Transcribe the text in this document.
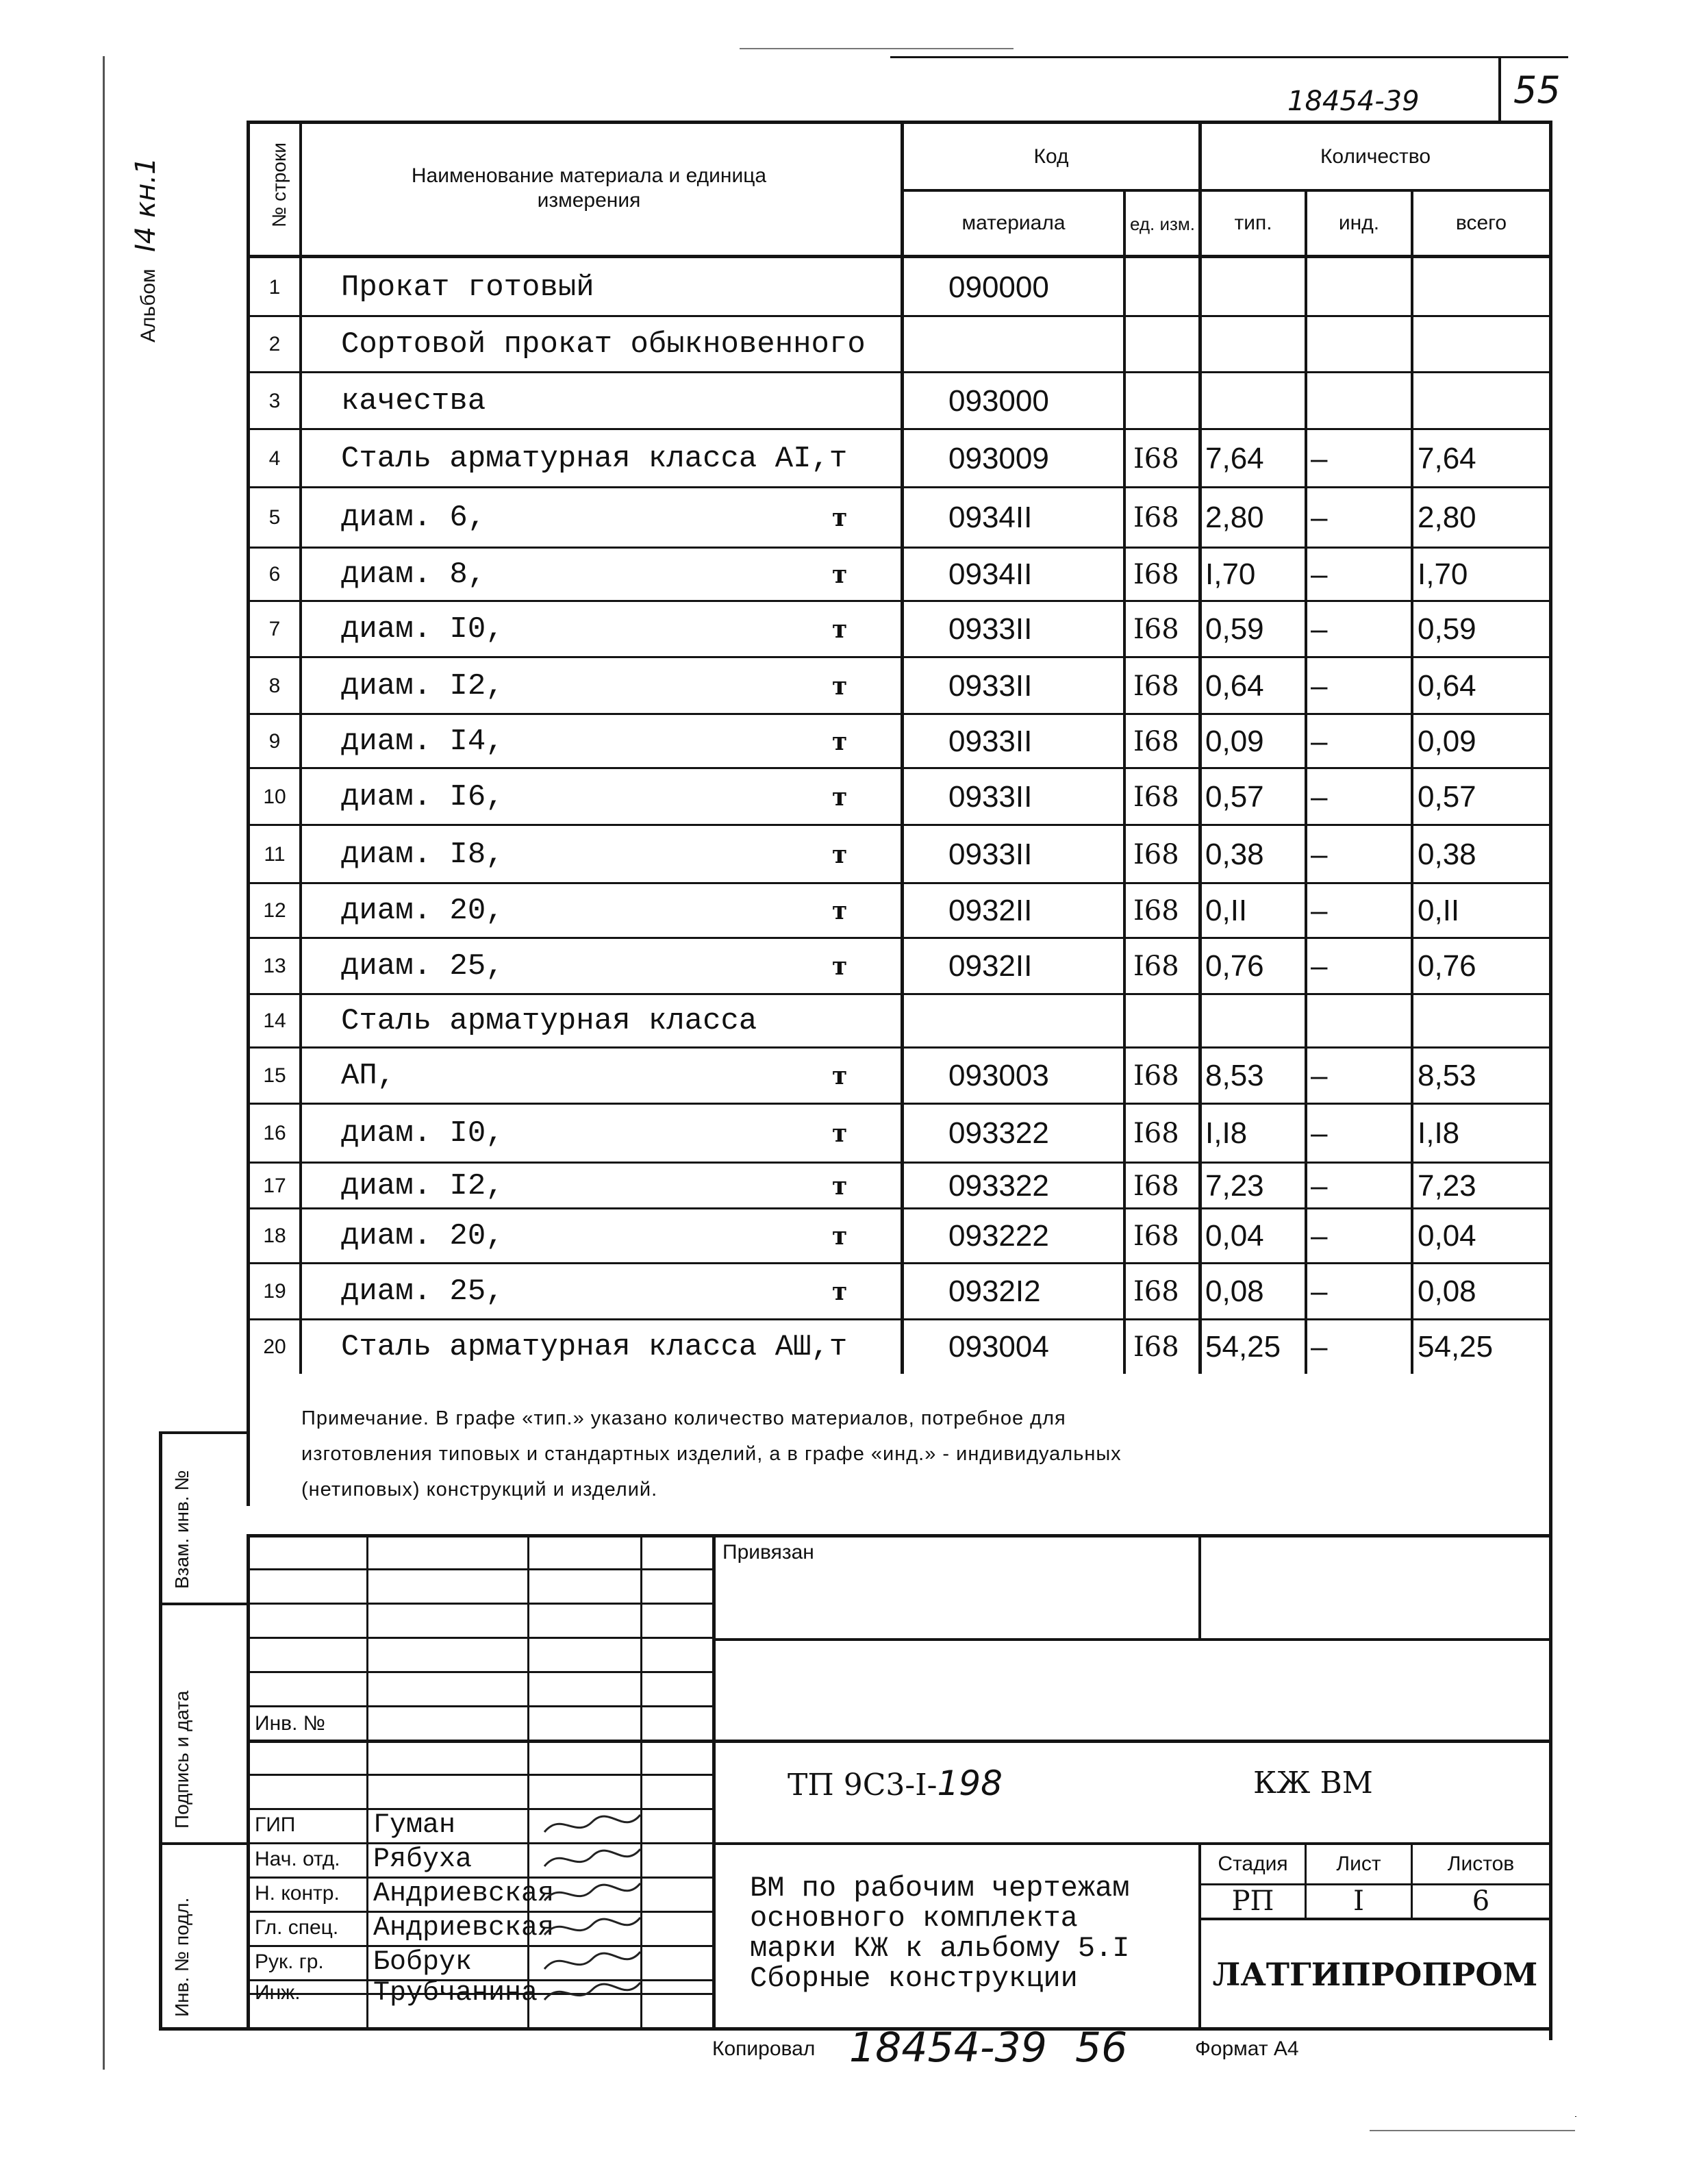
18454-39	55
Альбом I4 кн.1	№ строки	Наименование материала и единица измерения
Код
материала	ед. изм.
Количество
тип.	инд.	всего
1	Прокат готовый	090000
2	Сортовой прокат обыкновенного
3	качества	093000
4	Сталь арматурная класса АI,т	093009	I68 7,64	–	7,64
5	диам. 6,	т	0934II	I68 2,80	–	2,80
6	диам. 8,	т	0934II	I68 I,70	–	I,70
7	диам. I0,	т	0933II	I68 0,59	–	0,59
8	диам. I2,	т	0933II	I68 0,64	–	0,64
9	диам. I4,	т	0933II	I68 0,09	–	0,09
10	диам. I6,	т	0933II	I68 0,57	–	0,57
11	диам. I8,	т	0933II	I68 0,38	–	0,38
12	диам. 20,	т	0932II	I68 0,II	–	0,II
13	диам. 25,	т	0932II	I68 0,76	–	0,76
14	Сталь арматурная класса
15	АП,	т	093003	I68 8,53	–	8,53
16	диам. I0,	т	093322	I68 I,I8	–	I,I8
17	диам. I2,	т	093322	I68 7,23	–	7,23
18	диам. 20,	т	093222	I68 0,04	–	0,04
19	диам. 25,	т	0932I2	I68 0,08	–	0,08
20	Сталь арматурная класса АШ,т	093004	I68 54,25 –	54,25
Примечание. В графе «тип.» указано количество материалов, потребное для
изготовления типовых и стандартных изделий, а в графе «инд.» - индивидуальных
(нетиповых) конструкций и изделий.
Взам. инв. №
Подпись и дата
Инв. № подл.
Привязан
Инв. №
ТП 9С3-I-198	КЖ ВМ
ГИП	Гуман
Нач. отд. Рябуха
Н. контр. Андриевская
Гл. спец. Андриевская
Рук. гр. Бобрук
Инж.	Трубчанина
ВМ по рабочим чертежам
основного комплекта
марки КЖ к альбому 5.I
Сборные конструкции
Стадия Лист	Листов
РП	I	6
ЛАТГИПРОПРОМ
Копировал 18454-39 56	Формат А4
